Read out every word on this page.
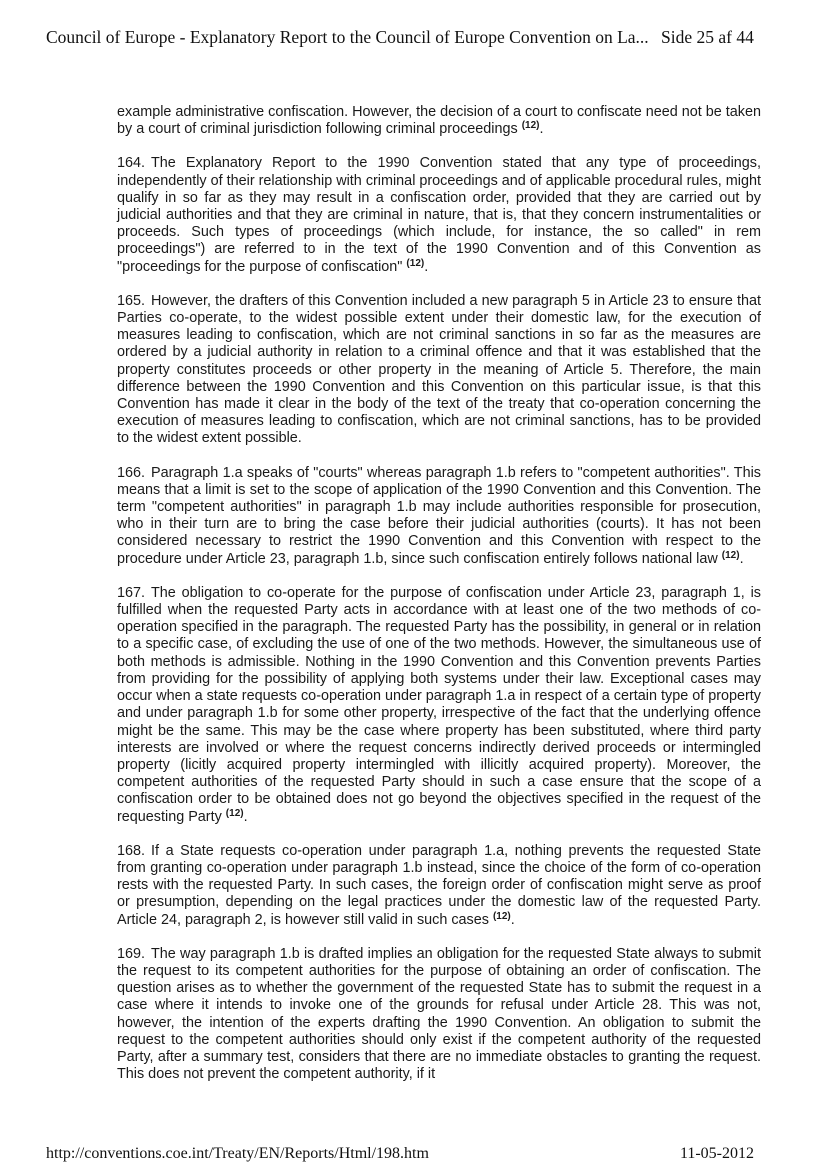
Council of Europe - Explanatory Report to the Council of Europe Convention on La... Side 25 af 44

example administrative confiscation. However, the decision of a court to confiscate need not be taken by a court of criminal jurisdiction following criminal proceedings $^{(12)}$.

164. The Explanatory Report to the 1990 Convention stated that any type of proceedings, independently of their relationship with criminal proceedings and of applicable procedural rules, might qualify in so far as they may result in a confiscation order, provided that they are carried out by judicial authorities and that they are criminal in nature, that is, that they concern instrumentalities or proceeds. Such types of proceedings (which include, for instance, the so called" in rem proceedings") are referred to in the text of the 1990 Convention and of this Convention as "proceedings for the purpose of confiscation" $^{(12)}$.

165. However, the drafters of this Convention included a new paragraph 5 in Article 23 to ensure that Parties co-operate, to the widest possible extent under their domestic law, for the execution of measures leading to confiscation, which are not criminal sanctions in so far as the measures are ordered by a judicial authority in relation to a criminal offence and that it was established that the property constitutes proceeds or other property in the meaning of Article 5. Therefore, the main difference between the 1990 Convention and this Convention on this particular issue, is that this Convention has made it clear in the body of the text of the treaty that co-operation concerning the execution of measures leading to confiscation, which are not criminal sanctions, has to be provided to the widest extent possible.

166. Paragraph 1.a speaks of "courts" whereas paragraph 1.b refers to "competent authorities". This means that a limit is set to the scope of application of the 1990 Convention and this Convention. The term "competent authorities" in paragraph 1.b may include authorities responsible for prosecution, who in their turn are to bring the case before their judicial authorities (courts). It has not been considered necessary to restrict the 1990 Convention and this Convention with respect to the procedure under Article 23, paragraph 1.b, since such confiscation entirely follows national law $^{(12)}$.

167. The obligation to co-operate for the purpose of confiscation under Article 23, paragraph 1, is fulfilled when the requested Party acts in accordance with at least one of the two methods of co-operation specified in the paragraph. The requested Party has the possibility, in general or in relation to a specific case, of excluding the use of one of the two methods. However, the simultaneous use of both methods is admissible. Nothing in the 1990 Convention and this Convention prevents Parties from providing for the possibility of applying both systems under their law. Exceptional cases may occur when a state requests co-operation under paragraph 1.a in respect of a certain type of property and under paragraph 1.b for some other property, irrespective of the fact that the underlying offence might be the same. This may be the case where property has been substituted, where third party interests are involved or where the request concerns indirectly derived proceeds or intermingled property (licitly acquired property intermingled with illicitly acquired property). Moreover, the competent authorities of the requested Party should in such a case ensure that the scope of a confiscation order to be obtained does not go beyond the objectives specified in the request of the requesting Party $^{(12)}$.

168. If a State requests co-operation under paragraph 1.a, nothing prevents the requested State from granting co-operation under paragraph 1.b instead, since the choice of the form of co-operation rests with the requested Party. In such cases, the foreign order of confiscation might serve as proof or presumption, depending on the legal practices under the domestic law of the requested Party. Article 24, paragraph 2, is however still valid in such cases $^{(12)}$.

169. The way paragraph 1.b is drafted implies an obligation for the requested State always to submit the request to its competent authorities for the purpose of obtaining an order of confiscation. The question arises as to whether the government of the requested State has to submit the request in a case where it intends to invoke one of the grounds for refusal under Article 28. This was not, however, the intention of the experts drafting the 1990 Convention. An obligation to submit the request to the competent authorities should only exist if the competent authority of the requested Party, after a summary test, considers that there are no immediate obstacles to granting the request. This does not prevent the competent authority, if it

http://conventions.coe.int/Treaty/EN/Reports/Html/198.htm	11-05-2012
